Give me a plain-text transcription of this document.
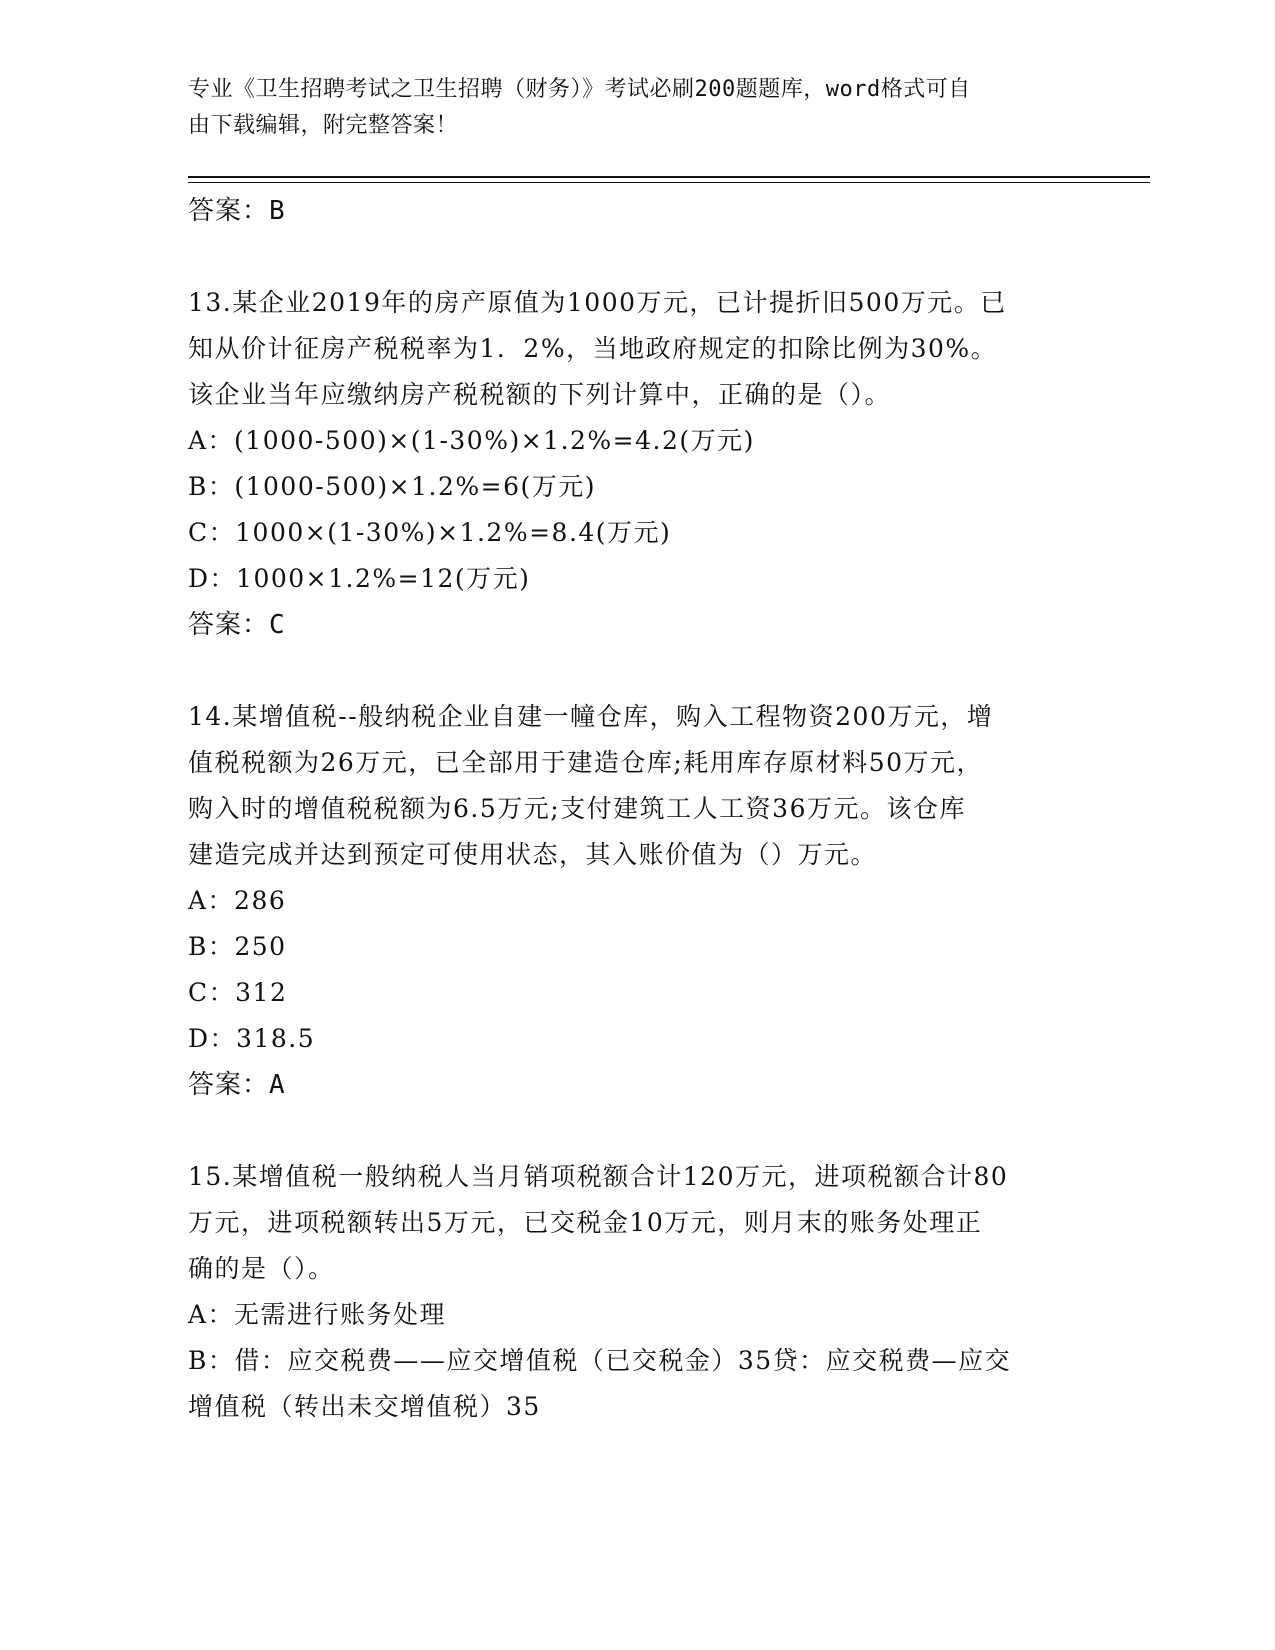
专业《卫生招聘考试之卫生招聘（财务）》考试必刷200题题库，word格式可自
由下载编辑，附完整答案！

答案：B

13.某企业2019年的房产原值为1000万元，已计提折旧500万元。已

知从价计征房产税税率为1．2%，当地政府规定的扣除比例为30%。

该企业当年应缴纳房产税税额的下列计算中，正确的是（）。

A：(1000-500)×(1-30%)×1.2%=4.2(万元)

B：(1000-500)×1.2%=6(万元)

C：1000×(1-30%)×1.2%=8.4(万元)

D：1000×1.2%=12(万元)

答案：C

14.某增值税--般纳税企业自建一幢仓库，购入工程物资200万元，增

值税税额为26万元，已全部用于建造仓库;耗用库存原材料50万元，

购入时的增值税税额为6.5万元;支付建筑工人工资36万元。该仓库

建造完成并达到预定可使用状态，其入账价值为（）万元。

A：286

B：250

C：312

D：318.5

答案：A

15.某增值税一般纳税人当月销项税额合计120万元，进项税额合计80

万元，进项税额转出5万元，已交税金10万元，则月末的账务处理正

确的是（）。

A：无需进行账务处理

B：借：应交税费——应交增值税（已交税金）35贷：应交税费—应交

增值税（转出未交增值税）35
